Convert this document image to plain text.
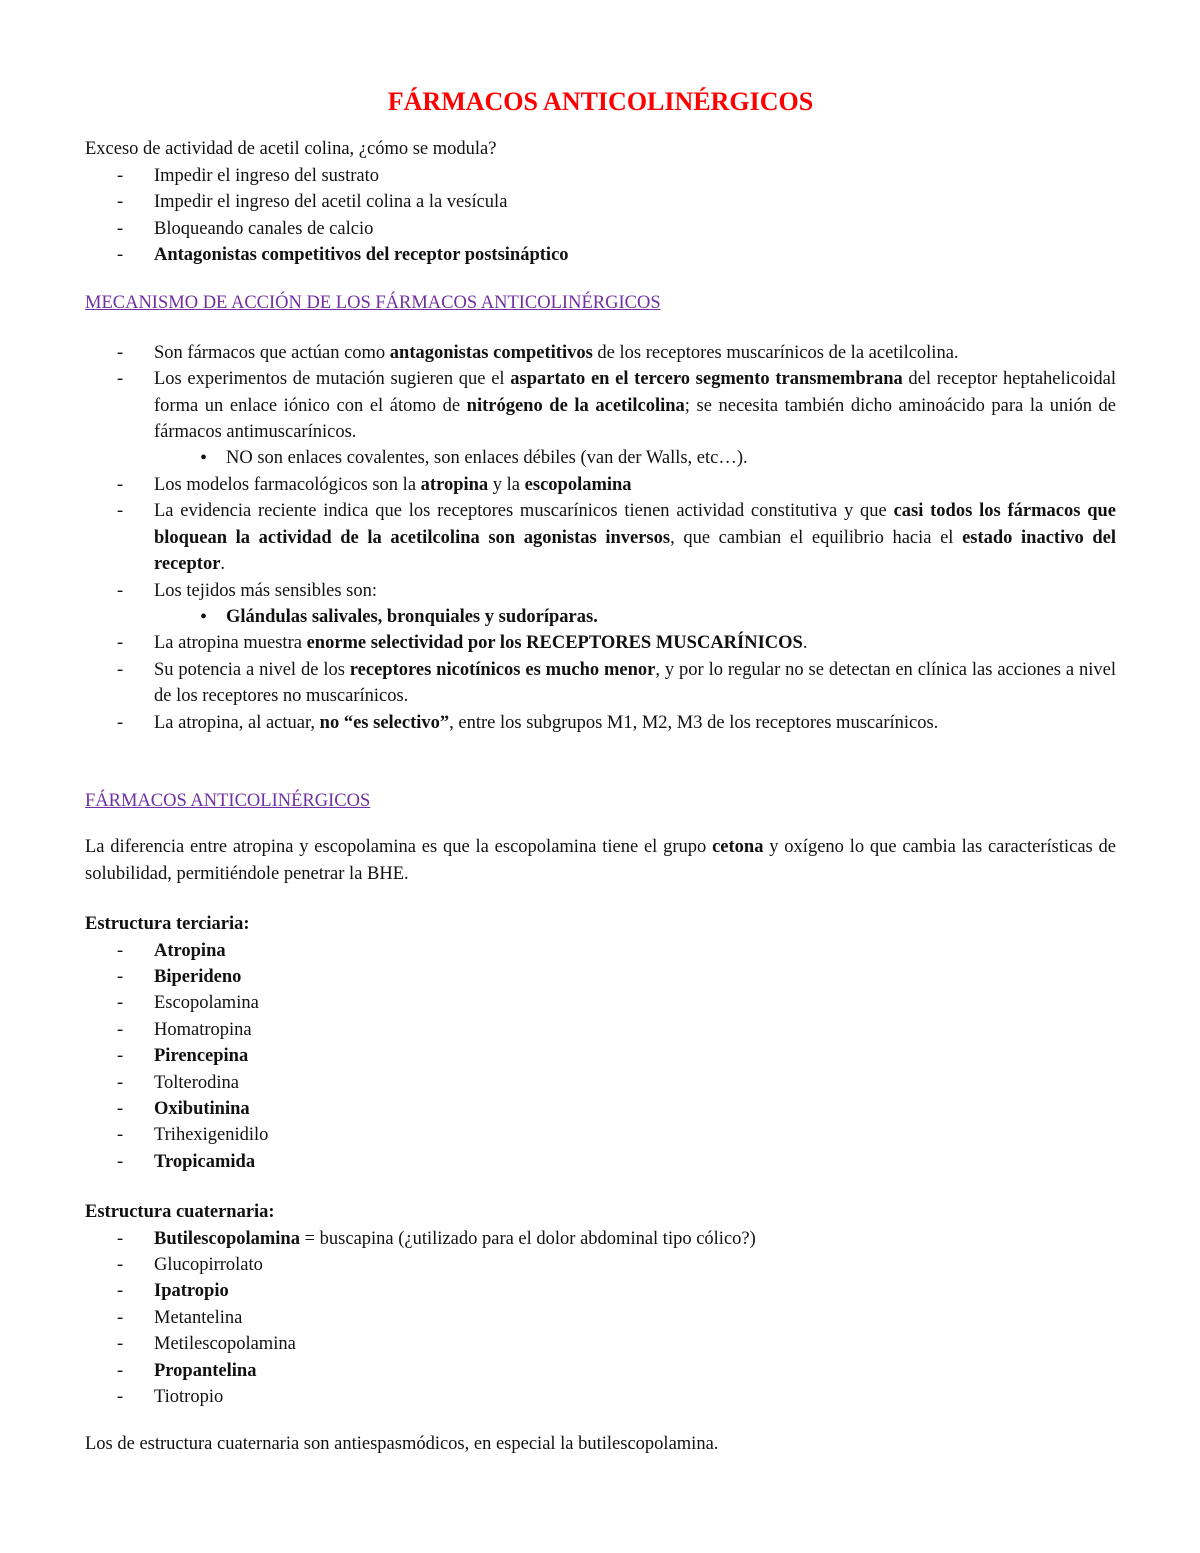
FÁRMACOS ANTICOLINÉRGICOS

Exceso de actividad de acetil colina, ¿cómo se modula?

- Impedir el ingreso del sustrato
- Impedir el ingreso del acetil colina a la vesícula
- Bloqueando canales de calcio
- Antagonistas competitivos del receptor postsináptico
MECANISMO DE ACCIÓN DE LOS FÁRMACOS ANTICOLINÉRGICOS
- Son fármacos que actúan como antagonistas competitivos de los receptores muscarínicos de la acetilcolina.
- Los experimentos de mutación sugieren que el aspartato en el tercero segmento transmembrana del receptor heptahelicoidal forma un enlace iónico con el átomo de nitrógeno de la acetilcolina; se necesita también dicho aminoácido para la unión de fármacos antimuscarínicos.
• NO son enlaces covalentes, son enlaces débiles (van der Walls, etc…).
- Los modelos farmacológicos son la atropina y la escopolamina
- La evidencia reciente indica que los receptores muscarínicos tienen actividad constitutiva y que casi todos los fármacos que bloquean la actividad de la acetilcolina son agonistas inversos, que cambian el equilibrio hacia el estado inactivo del receptor.
- Los tejidos más sensibles son:
• Glándulas salivales, bronquiales y sudoríparas.
- La atropina muestra enorme selectividad por los RECEPTORES MUSCARÍNICOS.
- Su potencia a nivel de los receptores nicotínicos es mucho menor, y por lo regular no se detectan en clínica las acciones a nivel de los receptores no muscarínicos.
- La atropina, al actuar, no “es selectivo”, entre los subgrupos M1, M2, M3 de los receptores muscarínicos.
FÁRMACOS ANTICOLINÉRGICOS

La diferencia entre atropina y escopolamina es que la escopolamina tiene el grupo cetona y oxígeno lo que cambia las características de solubilidad, permitiéndole penetrar la BHE.

Estructura terciaria:

- Atropina
- Biperideno
- Escopolamina
- Homatropina
- Pirencepina
- Tolterodina
- Oxibutinina
- Trihexigenidilo
- Tropicamida

Estructura cuaternaria:

- Butilescopolamina = buscapina (¿utilizado para el dolor abdominal tipo cólico?)
- Glucopirrolato
- Ipatropio
- Metantelina
- Metilescopolamina
- Propantelina
- Tiotropio

Los de estructura cuaternaria son antiespasmódicos, en especial la butilescopolamina.
